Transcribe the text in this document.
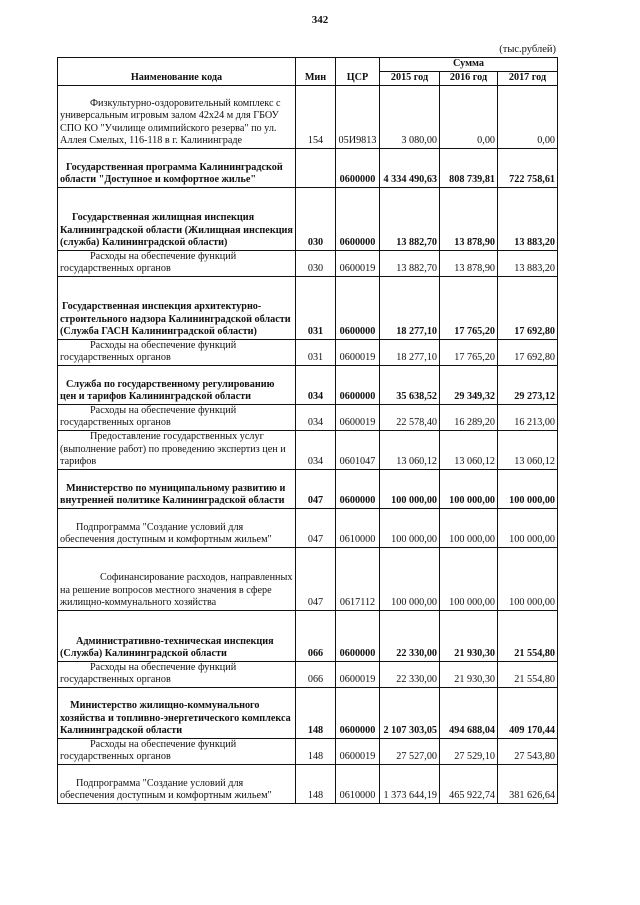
342
(тыс.рублей)
Наименование кода	Мин	ЦСР	Сумма		
			2015 год	2016 год	2017 год
Физкультурно-оздоровительный комплекс с универсальным игровым залом 42х24 м для ГБОУ СПО КО "Училище олимпийского резерва" по ул. Аллея Смелых, 116-118 в г. Калининграде	154	05И9813	3 080,00	0,00	0,00
Государственная программа Калининградской области "Доступное и комфортное жилье"		0600000	4 334 490,63	808 739,81	722 758,61
Государственная жилищная инспекция Калининградской области (Жилищная инспекция (служба) Калининградской области)	030	0600000	13 882,70	13 878,90	13 883,20
Расходы на обеспечение функций государственных органов	030	0600019	13 882,70	13 878,90	13 883,20
Государственная инспекция архитектурно-строительного надзора Калининградской области (Служба ГАСН Калининградской области)	031	0600000	18 277,10	17 765,20	17 692,80
Расходы на обеспечение функций государственных органов	031	0600019	18 277,10	17 765,20	17 692,80
Служба по государственному регулированию цен и тарифов Калининградской области	034	0600000	35 638,52	29 349,32	29 273,12
Расходы на обеспечение функций государственных органов	034	0600019	22 578,40	16 289,20	16 213,00
Предоставление государственных услуг (выполнение работ) по проведению экспертиз цен и тарифов	034	0601047	13 060,12	13 060,12	13 060,12
Министерство по муниципальному развитию и внутренней политике Калининградской области	047	0600000	100 000,00	100 000,00	100 000,00
Подпрограмма "Создание условий для обеспечения доступным и комфортным жильем"	047	0610000	100 000,00	100 000,00	100 000,00
Софинансирование расходов, направленных на решение вопросов местного значения в сфере жилищно-коммунального хозяйства	047	0617112	100 000,00	100 000,00	100 000,00
Административно-техническая инспекция (Служба) Калининградской области	066	0600000	22 330,00	21 930,30	21 554,80
Расходы на обеспечение функций государственных органов	066	0600019	22 330,00	21 930,30	21 554,80
Министерство жилищно-коммунального хозяйства и топливно-энергетического комплекса Калининградской области	148	0600000	2 107 303,05	494 688,04	409 170,44
Расходы на обеспечение функций государственных органов	148	0600019	27 527,00	27 529,10	27 543,80
Подпрограмма "Создание условий для обеспечения доступным и комфортным жильем"	148	0610000	1 373 644,19	465 922,74	381 626,64
